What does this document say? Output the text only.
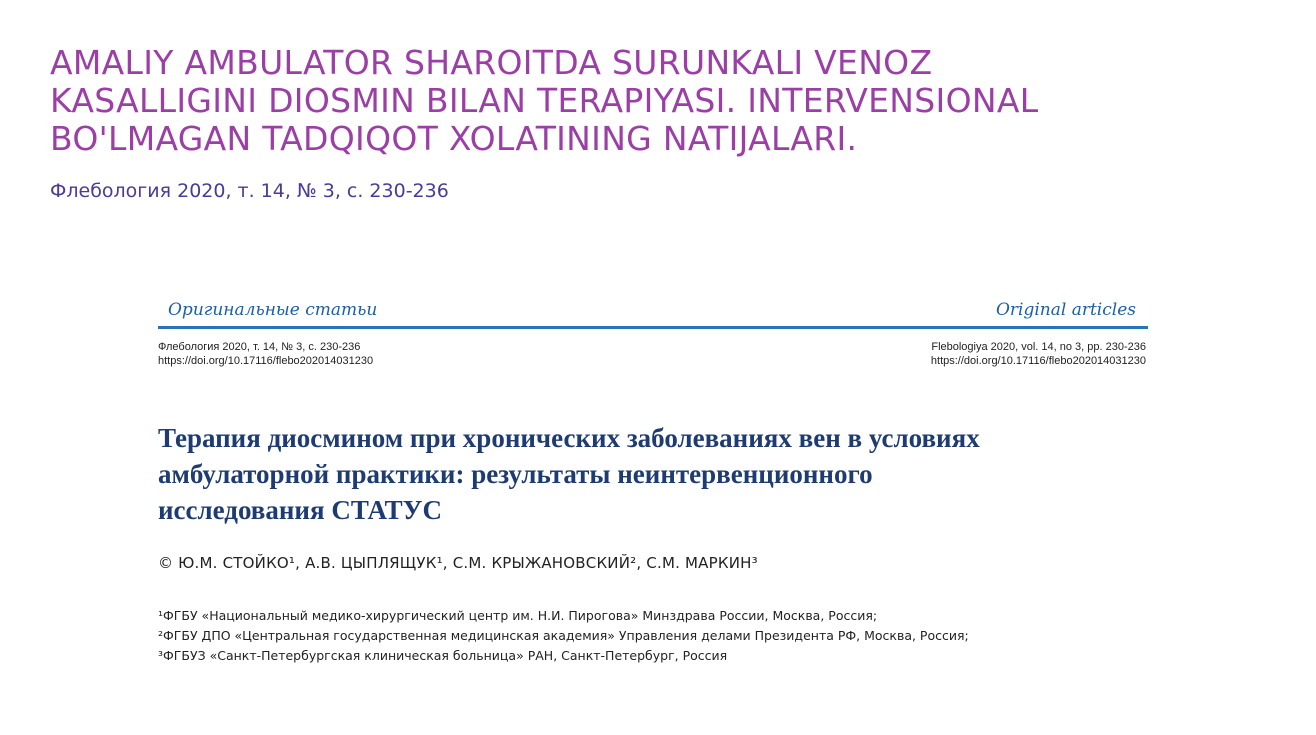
AMALIY AMBULATOR SHAROITDA SURUNKALI VENOZ
KASALLIGINI DIOSMIN BILAN TERAPIYASI. INTERVENSIONAL
BO'LMAGAN TADQIQOT XOLATINING NATIJALARI.
Флебология 2020, т. 14, № 3, с. 230-236
Оригинальные статьи	Original articles
Флебология 2020, т. 14, № 3, с. 230-236
https://doi.org/10.17116/flebo202014031230
Flebologiya 2020, vol. 14, no 3, pp. 230-236
https://doi.org/10.17116/flebo202014031230
Терапия диосмином при хронических заболеваниях вен в условиях
амбулаторной практики: результаты неинтервенционного
исследования СТАТУС
© Ю.М. СТОЙКО¹, А.В. ЦЫПЛЯЩУК¹, С.М. КРЫЖАНОВСКИЙ², С.М. МАРКИН³
¹ФГБУ «Национальный медико-хирургический центр им. Н.И. Пирогова» Минздрава России, Москва, Россия;
²ФГБУ ДПО «Центральная государственная медицинская академия» Управления делами Президента РФ, Москва, Россия;
³ФГБУЗ «Санкт-Петербургская клиническая больница» РАН, Санкт-Петербург, Россия
